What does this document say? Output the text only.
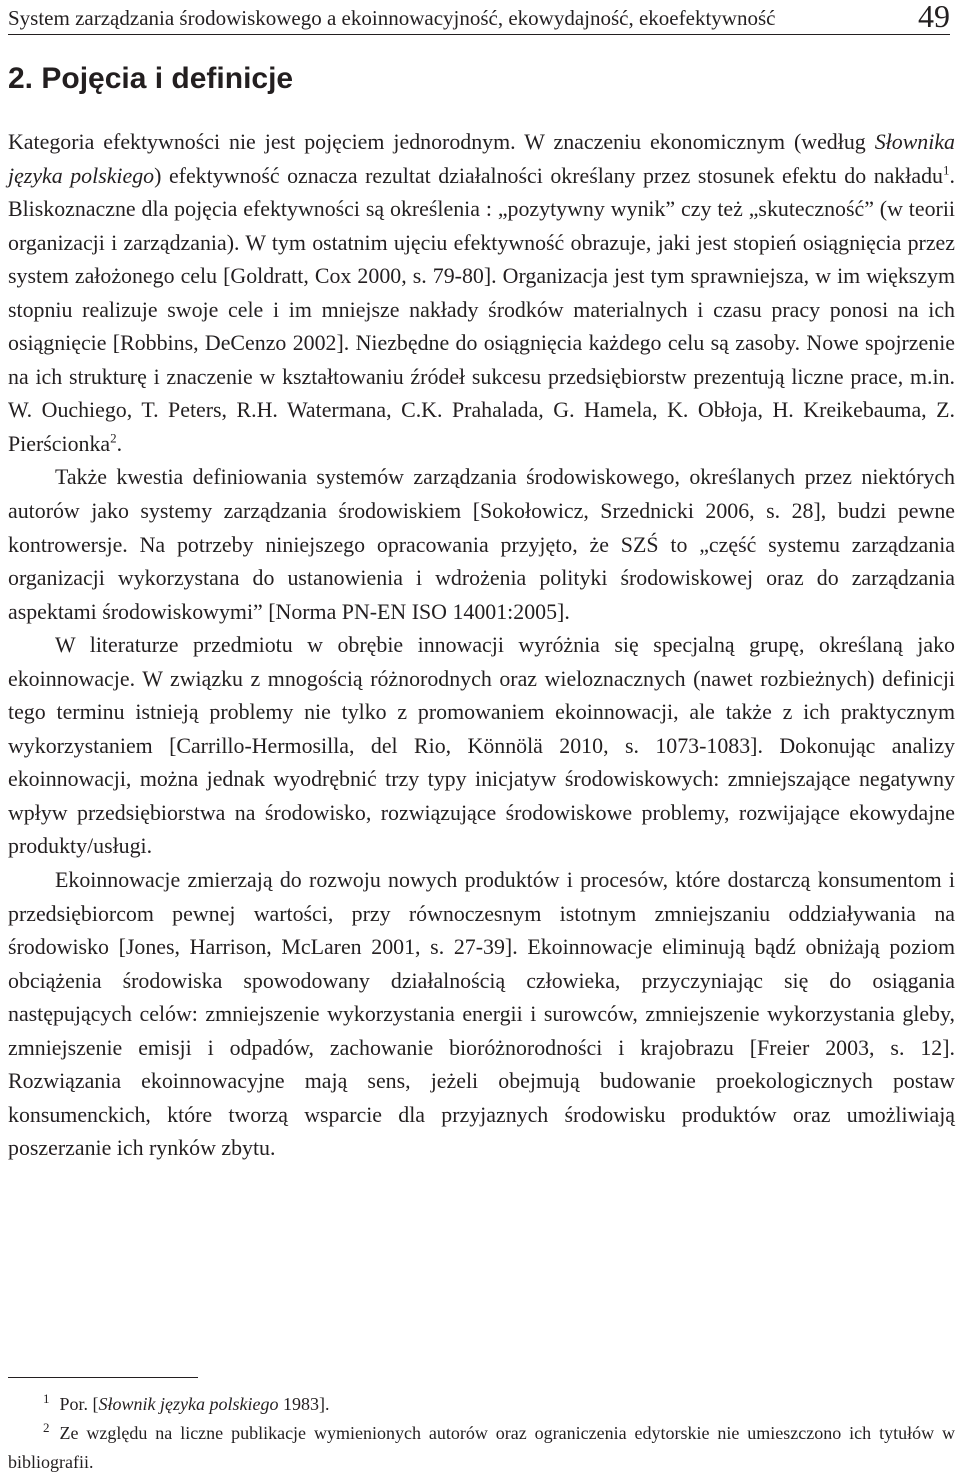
System zarządzania środowiskowego a ekoinnowacyjność, ekowydajność, ekoefektywność	49
2. Pojęcia i definicje

Kategoria efektywności nie jest pojęciem jednorodnym. W znaczeniu ekonomicznym (według Słownika języka polskiego) efektywność oznacza rezultat działalności określany przez stosunek efektu do nakładu$^1$. Bliskoznaczne dla pojęcia efektywności są określenia : „pozytywny wynik” czy też „skuteczność” (w teorii organizacji i zarządzania). W tym ostatnim ujęciu efektywność obrazuje, jaki jest stopień osiągnięcia przez system założonego celu [Goldratt, Cox 2000, s. 79-80]. Organizacja jest tym sprawniejsza, w im większym stopniu realizuje swoje cele i im mniejsze nakłady środków materialnych i czasu pracy ponosi na ich osiągnięcie [Robbins, DeCenzo 2002]. Niezbędne do osiągnięcia każdego celu są zasoby. Nowe spojrzenie na ich strukturę i znaczenie w kształtowaniu źródeł sukcesu przedsiębiorstw prezentują liczne prace, m.in. W. Ouchiego, T. Peters, R.H. Watermana, C.K. Prahalada, G. Hamela, K. Obłoja, H. Kreikebauma, Z. Pierścionka$^2$.

Także kwestia definiowania systemów zarządzania środowiskowego, określanych przez niektórych autorów jako systemy zarządzania środowiskiem [Sokołowicz, Srzednicki 2006, s. 28], budzi pewne kontrowersje. Na potrzeby niniejszego opracowania przyjęto, że SZŚ to „część systemu zarządzania organizacji wykorzystana do ustanowienia i wdrożenia polityki środowiskowej oraz do zarządzania aspektami środowiskowymi” [Norma PN-EN ISO 14001:2005].

W literaturze przedmiotu w obrębie innowacji wyróżnia się specjalną grupę, określaną jako ekoinnowacje. W związku z mnogością różnorodnych oraz wieloznacznych (nawet rozbieżnych) definicji tego terminu istnieją problemy nie tylko z promowaniem ekoinnowacji, ale także z ich praktycznym wykorzystaniem [Carrillo-Hermosilla, del Rio, Könnölä 2010, s. 1073-1083]. Dokonując analizy ekoinnowacji, można jednak wyodrębnić trzy typy inicjatyw środowiskowych: zmniejszające negatywny wpływ przedsiębiorstwa na środowisko, rozwiązujące środowiskowe problemy, rozwijające ekowydajne produkty/usługi.

Ekoinnowacje zmierzają do rozwoju nowych produktów i procesów, które dostarczą konsumentom i przedsiębiorcom pewnej wartości, przy równoczesnym istotnym zmniejszaniu oddziaływania na środowisko [Jones, Harrison, McLaren 2001, s. 27-39]. Ekoinnowacje eliminują bądź obniżają poziom obciążenia środowiska spowodowany działalnością człowieka, przyczyniając się do osiągania następujących celów: zmniejszenie wykorzystania energii i surowców, zmniejszenie wykorzystania gleby, zmniejszenie emisji i odpadów, zachowanie bioróżnorodności i krajobrazu [Freier 2003, s. 12]. Rozwiązania ekoinnowacyjne mają sens, jeżeli obejmują budowanie proekologicznych postaw konsumenckich, które tworzą wsparcie dla przyjaznych środowisku produktów oraz umożliwiają poszerzanie ich rynków zbytu.

$^1$ Por. [Słownik języka polskiego 1983].

$^2$ Ze względu na liczne publikacje wymienionych autorów oraz ograniczenia edytorskie nie umieszczono ich tytułów w bibliografii.
